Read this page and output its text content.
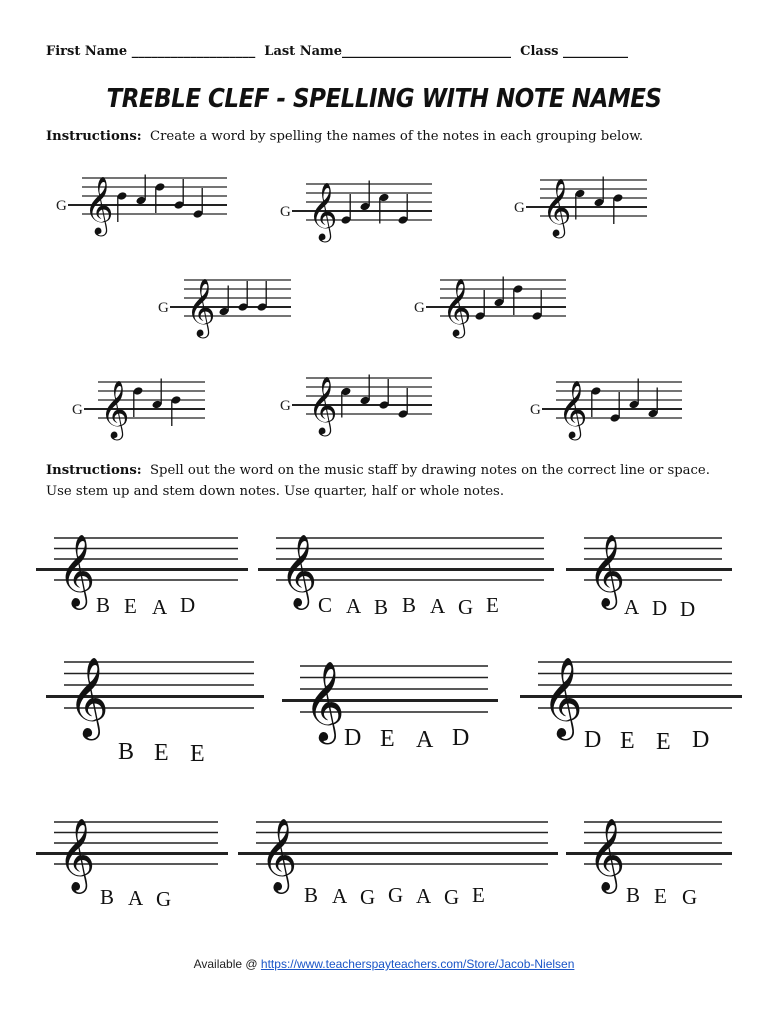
First Name ___________________ Last Name__________________________ Class __________
TREBLE CLEF - SPELLING WITH NOTE NAMES
Instructions: Create a word by spelling the names of the notes in each grouping below.
G 𝄞	G 𝄞	G 𝄞
G 𝄞	G 𝄞
G 𝄞	G 𝄞	G 𝄞
Instructions: Spell out the word on the music staff by drawing notes on the correct line or space.
Use stem up and stem down notes. Use quarter, half or whole notes.
𝄞 B E A D 𝄞 C A B B A G E 𝄞
A D D
𝄞
B E E
𝄞 D E A D
𝄞
D E E D
𝄞
B A G
𝄞
B A G G A G E
𝄞
B E G
Available @ https://www.teacherspayteachers.com/Store/Jacob-Nielsen
